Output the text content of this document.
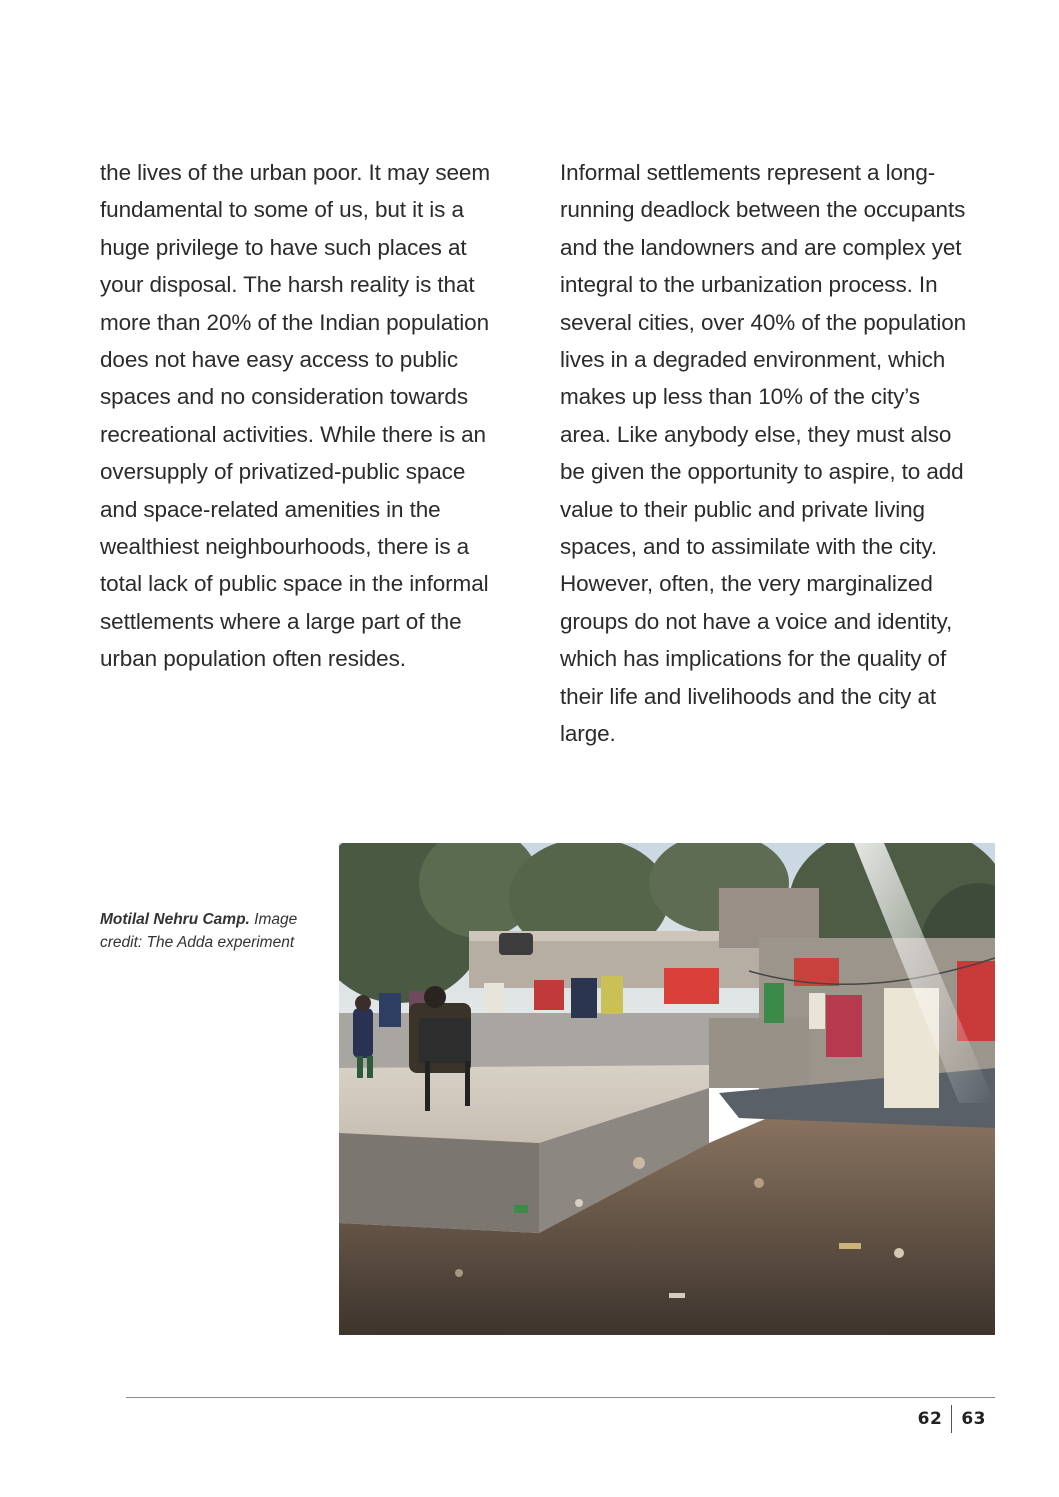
the lives of the urban poor. It may seem
fundamental to some of us, but it is a
huge privilege to have such places at
your disposal. The harsh reality is that
more than 20% of the Indian population
does not have easy access to public
spaces and no consideration towards
recreational activities. While there is an
oversupply of privatized-public space
and space-related amenities in the
wealthiest neighbourhoods, there is a
total lack of public space in the informal
settlements where a large part of the
urban population often resides.
Informal settlements represent a long-
running deadlock between the occupants
and the landowners and are complex yet
integral to the urbanization process. In
several cities, over 40% of the population
lives in a degraded environment, which
makes up less than 10% of the city’s
area. Like anybody else, they must also
be given the opportunity to aspire, to add
value to their public and private living
spaces, and to assimilate with the city.
However, often, the very marginalized
groups do not have a voice and identity,
which has implications for the quality of
their life and livelihoods and the city at
large.
Motilal Nehru Camp. Image
credit: The Adda experiment
62 63
